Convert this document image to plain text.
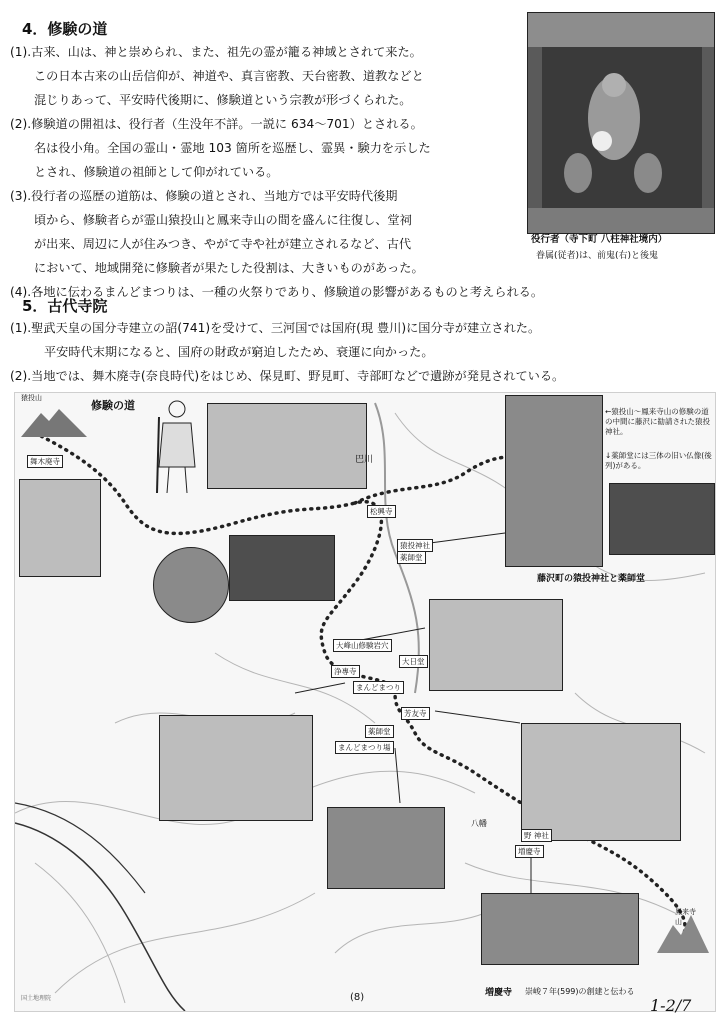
4．修験の道
(1).古来、山は、神と崇められ、また、祖先の霊が籠る神域とされて来た。
この日本古来の山岳信仰が、神道や、真言密教、天台密教、道教などと
混じりあって、平安時代後期に、修験道という宗教が形づくられた。
(2).修験道の開祖は、役行者（生没年不詳。一説に 634～701）とされる。
名は役小角。全国の霊山・霊地 103 箇所を巡歴し、霊異・験力を示した
とされ、修験道の祖師として仰がれている。
(3).役行者の巡歴の道筋は、修験の道とされ、当地方では平安時代後期
頃から、修験者らが霊山猿投山と鳳来寺山の間を盛んに往復し、堂祠
が出来、周辺に人が住みつき、やがて寺や社が建立されるなど、古代
において、地域開発に修験者が果たした役割は、大きいものがあった。
(4).各地に伝わるまんどまつりは、一種の火祭りであり、修験道の影響があるものと考えられる。
役行者（寺下町 八柱神社境内）
眷属(従者)は、前鬼(右)と後鬼
5．古代寺院
(1).聖武天皇の国分寺建立の詔(741)を受けて、三河国では国府(現 豊川)に国分寺が建立された。
平安時代末期になると、国府の財政が窮迫したため、衰運に向かった。
(2).当地では、舞木廃寺(奈良時代)をはじめ、保見町、野見町、寺部町などで遺跡が発見されている。
猿投山
修験の道
舞木廃寺
松興寺
猿投神社
薬師堂
巴川
←猿投山～鳳来寺山の修験の道の中間に藤沢に勧請された猿投神社。
↓薬師堂には三体の旧い仏像(後列)がある。
藤沢町の猿投神社と薬師堂
大峰山修験岩穴
大日堂
浄專寺
まんどまつり
芳友寺
薬師堂
まんどまつり場
八幡
野 神社
増慶寺
増慶寺 崇峻７年(599)の創建と伝わる
鳳来寺山
国土地理院	(8)	1-2/7
